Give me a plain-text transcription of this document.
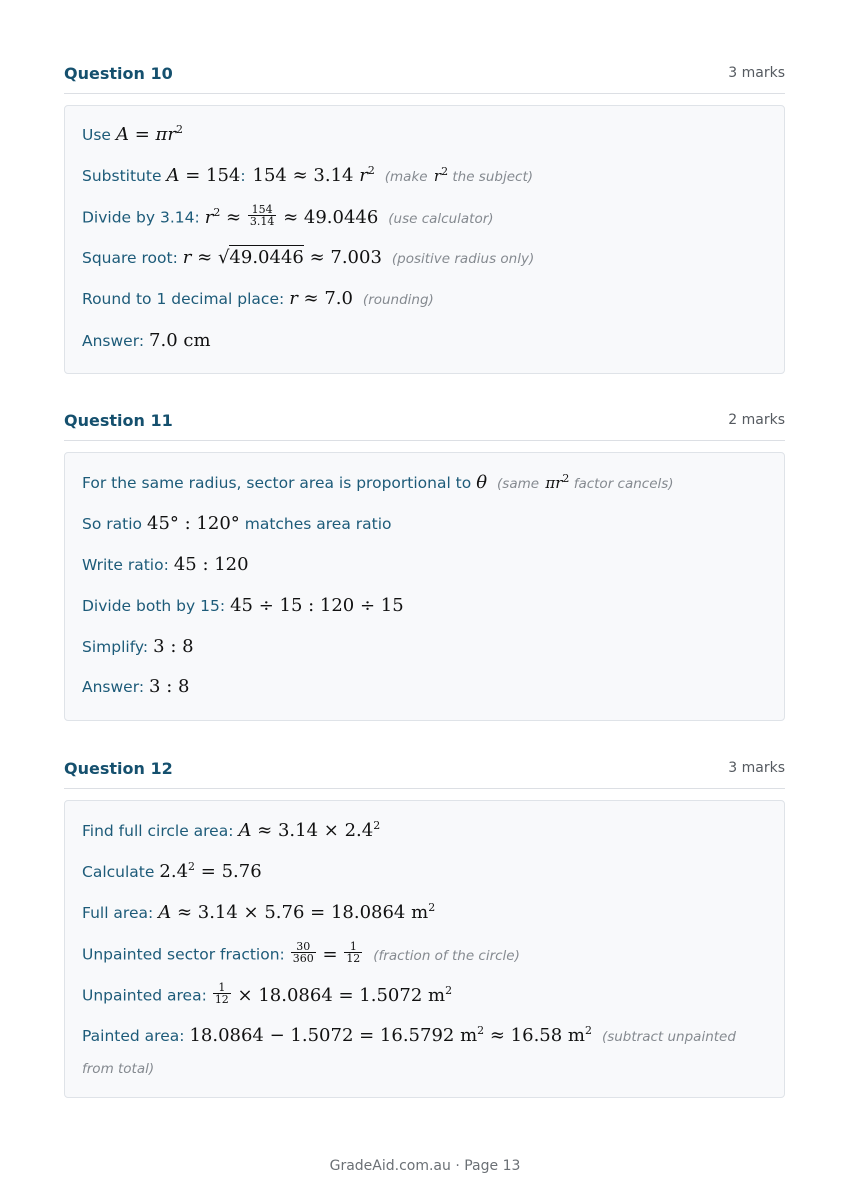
Question 10	3 marks
Use $A = \pi r^2$
Substitute A = 154: 154 ≈ 3.14 $r^2$ (make $r^2$ the subject)
Divide by 3.14: $r^2 \approx \frac{154}{3.14} \approx 49.0446$ (use calculator)
Square root: r ≈ √49.0446 ≈ 7.003 (positive radius only)
Round to 1 decimal place: r ≈ 7.0 (rounding)
Answer: 7.0 cm
Question 11	2 marks
For the same radius, sector area is proportional to θ (same $\pi r^2$ factor cancels)
So ratio 45° : 120° matches area ratio
Write ratio: 45 : 120
Divide both by 15: 45 ÷ 15 : 120 ÷ 15
Simplify: 3 : 8
Answer: 3 : 8
Question 12	3 marks
Find full circle area: $A \approx 3.14 \times 2.4^2$
Calculate $2.4^2 = 5.76$
Full area: A ≈ 3.14 × 5.76 = 18.0864 $m^2$
Unpainted sector fraction: $\frac{30}{360} = \frac{1}{12}$ (fraction of the circle)
Unpainted area: $\frac{1}{12} \times 18.0864 = 1.5072$ $m^2$
Painted area: 18.0864 − 1.5072 = 16.5792 $m^2 \approx 16.58$ $m^2$ (subtract unpainted from total)
GradeAid.com.au · Page 13
